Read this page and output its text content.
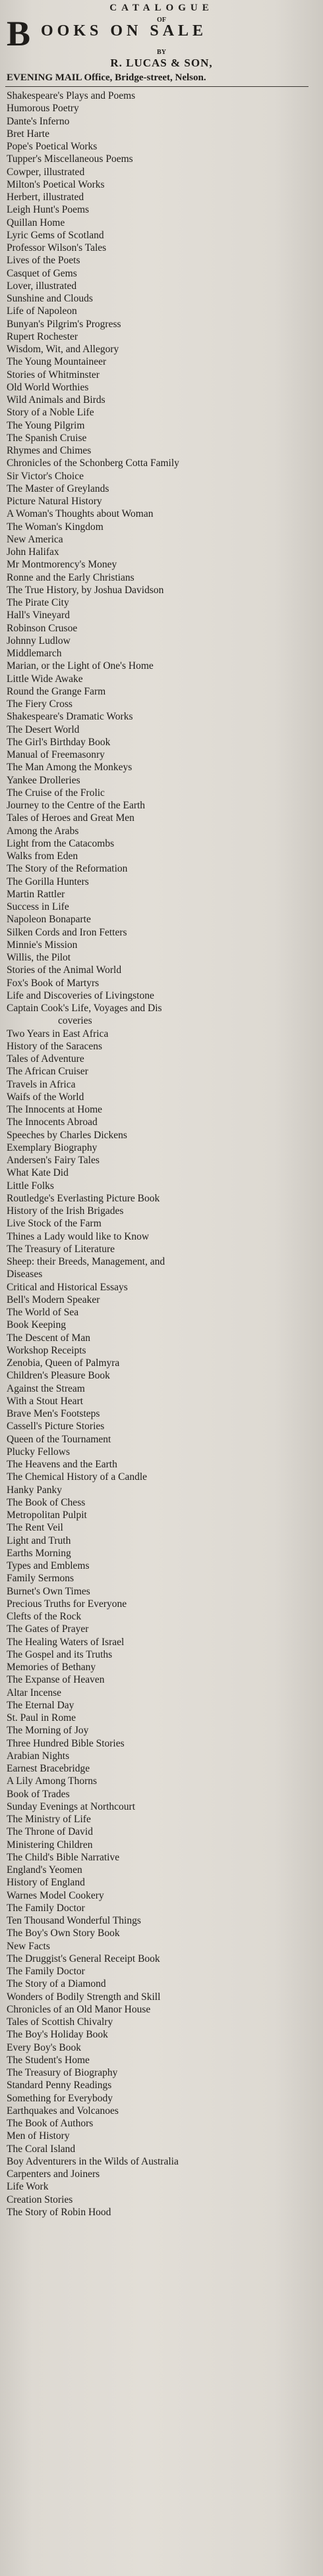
CATALOGUE
OF
B OOKS ON SALE
BY
R. LUCAS & SON,
EVENING MAIL Office, Bridge-street, Nelson.
Shakespeare's Plays and Poems
Humorous Poetry
Dante's Inferno
Bret Harte
Pope's Poetical Works
Tupper's Miscellaneous Poems
Cowper, illustrated
Milton's Poetical Works
Herbert, illustrated
Leigh Hunt's Poems
Quillan Home
Lyric Gems of Scotland
Professor Wilson's Tales
Lives of the Poets
Casquet of Gems
Lover, illustrated
Sunshine and Clouds
Life of Napoleon
Bunyan's Pilgrim's Progress
Rupert Rochester
Wisdom, Wit, and Allegory
The Young Mountaineer
Stories of Whitminster
Old World Worthies
Wild Animals and Birds
Story of a Noble Life
The Young Pilgrim
The Spanish Cruise
Rhymes and Chimes
Chronicles of the Schonberg Cotta Family
Sir Victor's Choice
The Master of Greylands
Picture Natural History
A Woman's Thoughts about Woman
The Woman's Kingdom
New America
John Halifax
Mr Montmorency's Money
Ronne and the Early Christians
The True History, by Joshua Davidson
The Pirate City
Hall's Vineyard
Robinson Crusoe
Johnny Ludlow
Middlemarch
Marian, or the Light of One's Home
Little Wide Awake
Round the Grange Farm
The Fiery Cross
Shakespeare's Dramatic Works
The Desert World
The Girl's Birthday Book
Manual of Freemasonry
The Man Among the Monkeys
Yankee Drolleries
The Cruise of the Frolic
Journey to the Centre of the Earth
Tales of Heroes and Great Men
Among the Arabs
Light from the Catacombs
Walks from Eden
The Story of the Reformation
The Gorilla Hunters
Martin Rattler
Success in Life
Napoleon Bonaparte
Silken Cords and Iron Fetters
Minnie's Mission
Willis, the Pilot
Stories of the Animal World
Fox's Book of Martyrs
Life and Discoveries of Livingstone
Captain Cook's Life, Voyages and Dis
coveries
Two Years in East Africa
History of the Saracens
Tales of Adventure
The African Cruiser
Travels in Africa
Waifs of the World
The Innocents at Home
The Innocents Abroad
Speeches by Charles Dickens
Exemplary Biography
Andersen's Fairy Tales
What Kate Did
Little Folks
Routledge's Everlasting Picture Book
History of the Irish Brigades
Live Stock of the Farm
Thines a Lady would like to Know
The Treasury of Literature
Sheep: their Breeds, Management, and
Diseases
Critical and Historical Essays
Bell's Modern Speaker
The World of Sea
Book Keeping
The Descent of Man
Workshop Receipts
Zenobia, Queen of Palmyra
Children's Pleasure Book
Against the Stream
With a Stout Heart
Brave Men's Footsteps
Cassell's Picture Stories
Queen of the Tournament
Plucky Fellows
The Heavens and the Earth
The Chemical History of a Candle
Hanky Panky
The Book of Chess
Metropolitan Pulpit
The Rent Veil
Light and Truth
Earths Morning
Types and Emblems
Family Sermons
Burnet's Own Times
Precious Truths for Everyone
Clefts of the Rock
The Gates of Prayer
The Healing Waters of Israel
The Gospel and its Truths
Memories of Bethany
The Expanse of Heaven
Altar Incense
The Eternal Day
St. Paul in Rome
The Morning of Joy
Three Hundred Bible Stories
Arabian Nights
Earnest Bracebridge
A Lily Among Thorns
Book of Trades
Sunday Evenings at Northcourt
The Ministry of Life
The Throne of David
Ministering Children
The Child's Bible Narrative
England's Yeomen
History of England
Warnes Model Cookery
The Family Doctor
Ten Thousand Wonderful Things
The Boy's Own Story Book
New Facts
The Druggist's General Receipt Book
The Family Doctor
The Story of a Diamond
Wonders of Bodily Strength and Skill
Chronicles of an Old Manor House
Tales of Scottish Chivalry
The Boy's Holiday Book
Every Boy's Book
The Student's Home
The Treasury of Biography
Standard Penny Readings
Something for Everybody
Earthquakes and Volcanoes
The Book of Authors
Men of History
The Coral Island
Boy Adventurers in the Wilds of Australia
Carpenters and Joiners
Life Work
Creation Stories
The Story of Robin Hood
